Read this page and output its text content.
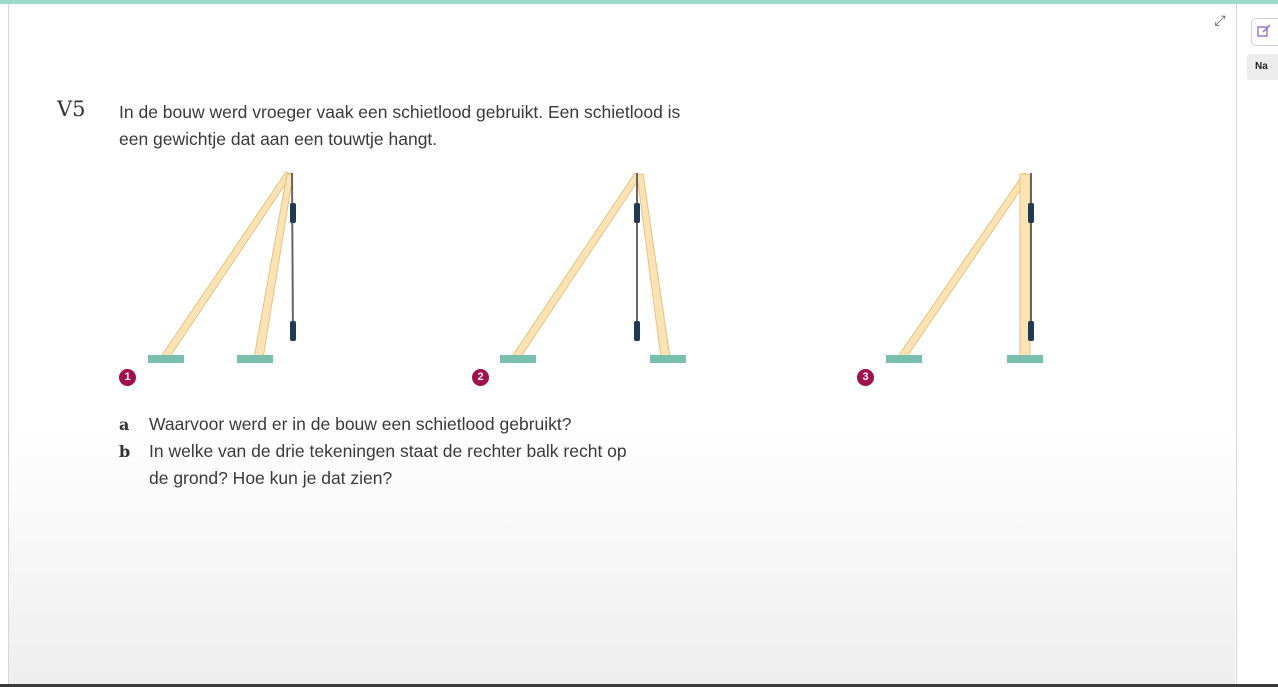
⤢
V5 In de bouw werd vroeger vaak een schietlood gebruikt. Een schietlood is een gewichtje dat aan een touwtje hangt.
1	2	3
a Waarvoor werd er in de bouw een schietlood gebruikt?
b In welke van de drie tekeningen staat de rechter balk recht op de grond? Hoe kun je dat zien?
Na
